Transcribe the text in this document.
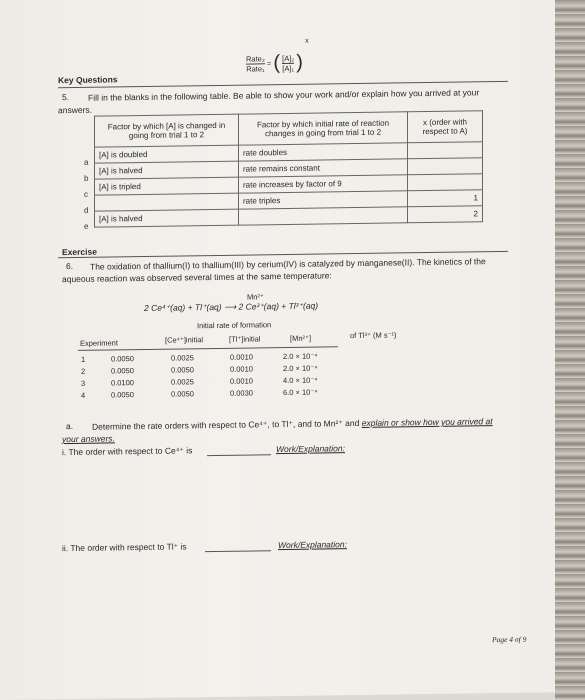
Rate₂
Rate₁
= ( $\frac{\text{[A]₂}}{\text{[A]₁}}$ ) $^x$
Key Questions
5.	Fill in the blanks in the following table. Be able to show your work and/or explain how you arrived at your answers.
Factor by which [A] is changed in going from trial 1 to 2	Factor by which initial rate of reaction changes in going from trial 1 to 2	x (order with respect to A)
[A] is doubled	rate doubles	
[A] is halved	rate remains constant	
[A] is tripled	rate increases by factor of 9	
	rate triples	1
[A] is halved		2
a
b
c
d
e
Exercise
6.	The oxidation of thallium(I) to thallium(III) by cerium(IV) is catalyzed by manganese(II). The kinetics of the aqueous reaction was observed several times at the same temperature:
Mn²⁺
2 Ce⁴⁺(aq) + Tl⁺(aq) ⟶ 2 Ce³⁺(aq) + Tl³⁺(aq)
Initial rate of formation
of Tl³⁺ (M s⁻¹)
Experiment	[Ce⁴⁺]initial	[Tl⁺]initial	[Mn²⁺]
1	0.0050	0.0025	0.0010	2.0 × 10⁻⁴
2	0.0050	0.0050	0.0010	2.0 × 10⁻⁴
3	0.0100	0.0025	0.0010	4.0 × 10⁻⁴
4	0.0050	0.0050	0.0030	6.0 × 10⁻⁴
a.	Determine the rate orders with respect to Ce⁴⁺, to Tl⁺, and to Mn²⁺ and explain or show how you arrived at your answers.
i. The order with respect to Ce⁴⁺ is	Work/Explanation:
ii. The order with respect to Tl⁺ is	Work/Explanation:
Page 4 of 9
